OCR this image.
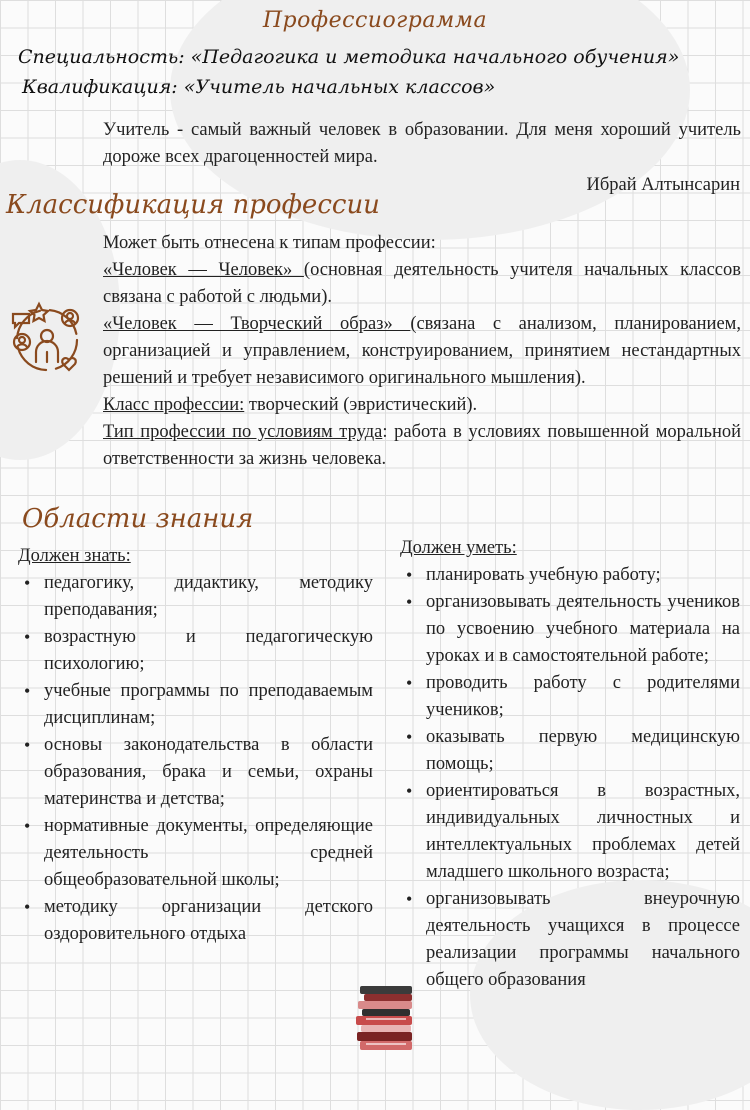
Профессиограмма
Специальность: «Педагогика и методика начального обучения»
Квалификация: «Учитель начальных классов»
Учитель - самый важный человек в образовании. Для меня хороший учитель дороже всех драгоценностей мира.
Ибрай Алтынсарин
Классификация профессии

Может быть отнесена к типам профессии:

«Человек — Человек» (основная деятельность учителя начальных классов связана с работой с людьми).

«Человек — Творческий образ» (связана с анализом, планированием, организацией и управлением, конструированием, принятием нестандартных решений и требует независимого оригинального мышления).

Класс профессии: творческий (эвристический).

Тип профессии по условиям труда: работа в условиях повышенной моральной ответственности за жизнь человека.

Области знания

Должен знать:

• педагогику, дидактику, методику преподавания;
• возрастную и педагогическую психологию;
• учебные программы по преподаваемым дисциплинам;
• основы законодательства в области образования, брака и семьи, охраны материнства и детства;
• нормативные документы, определяющие деятельность средней общеобразовательной школы;
• методику организации детского оздоровительного отдыха

Должен уметь:

• планировать учебную работу;
• организовывать деятельность учеников по усвоению учебного материала на уроках и в самостоятельной работе;
• проводить работу с родителями учеников;
• оказывать первую медицинскую помощь;
• ориентироваться в возрастных, индивидуальных личностных и интеллектуальных проблемах детей младшего школьного возраста;
• организовывать внеурочную деятельность учащихся в процессе реализации программы начального общего образования
